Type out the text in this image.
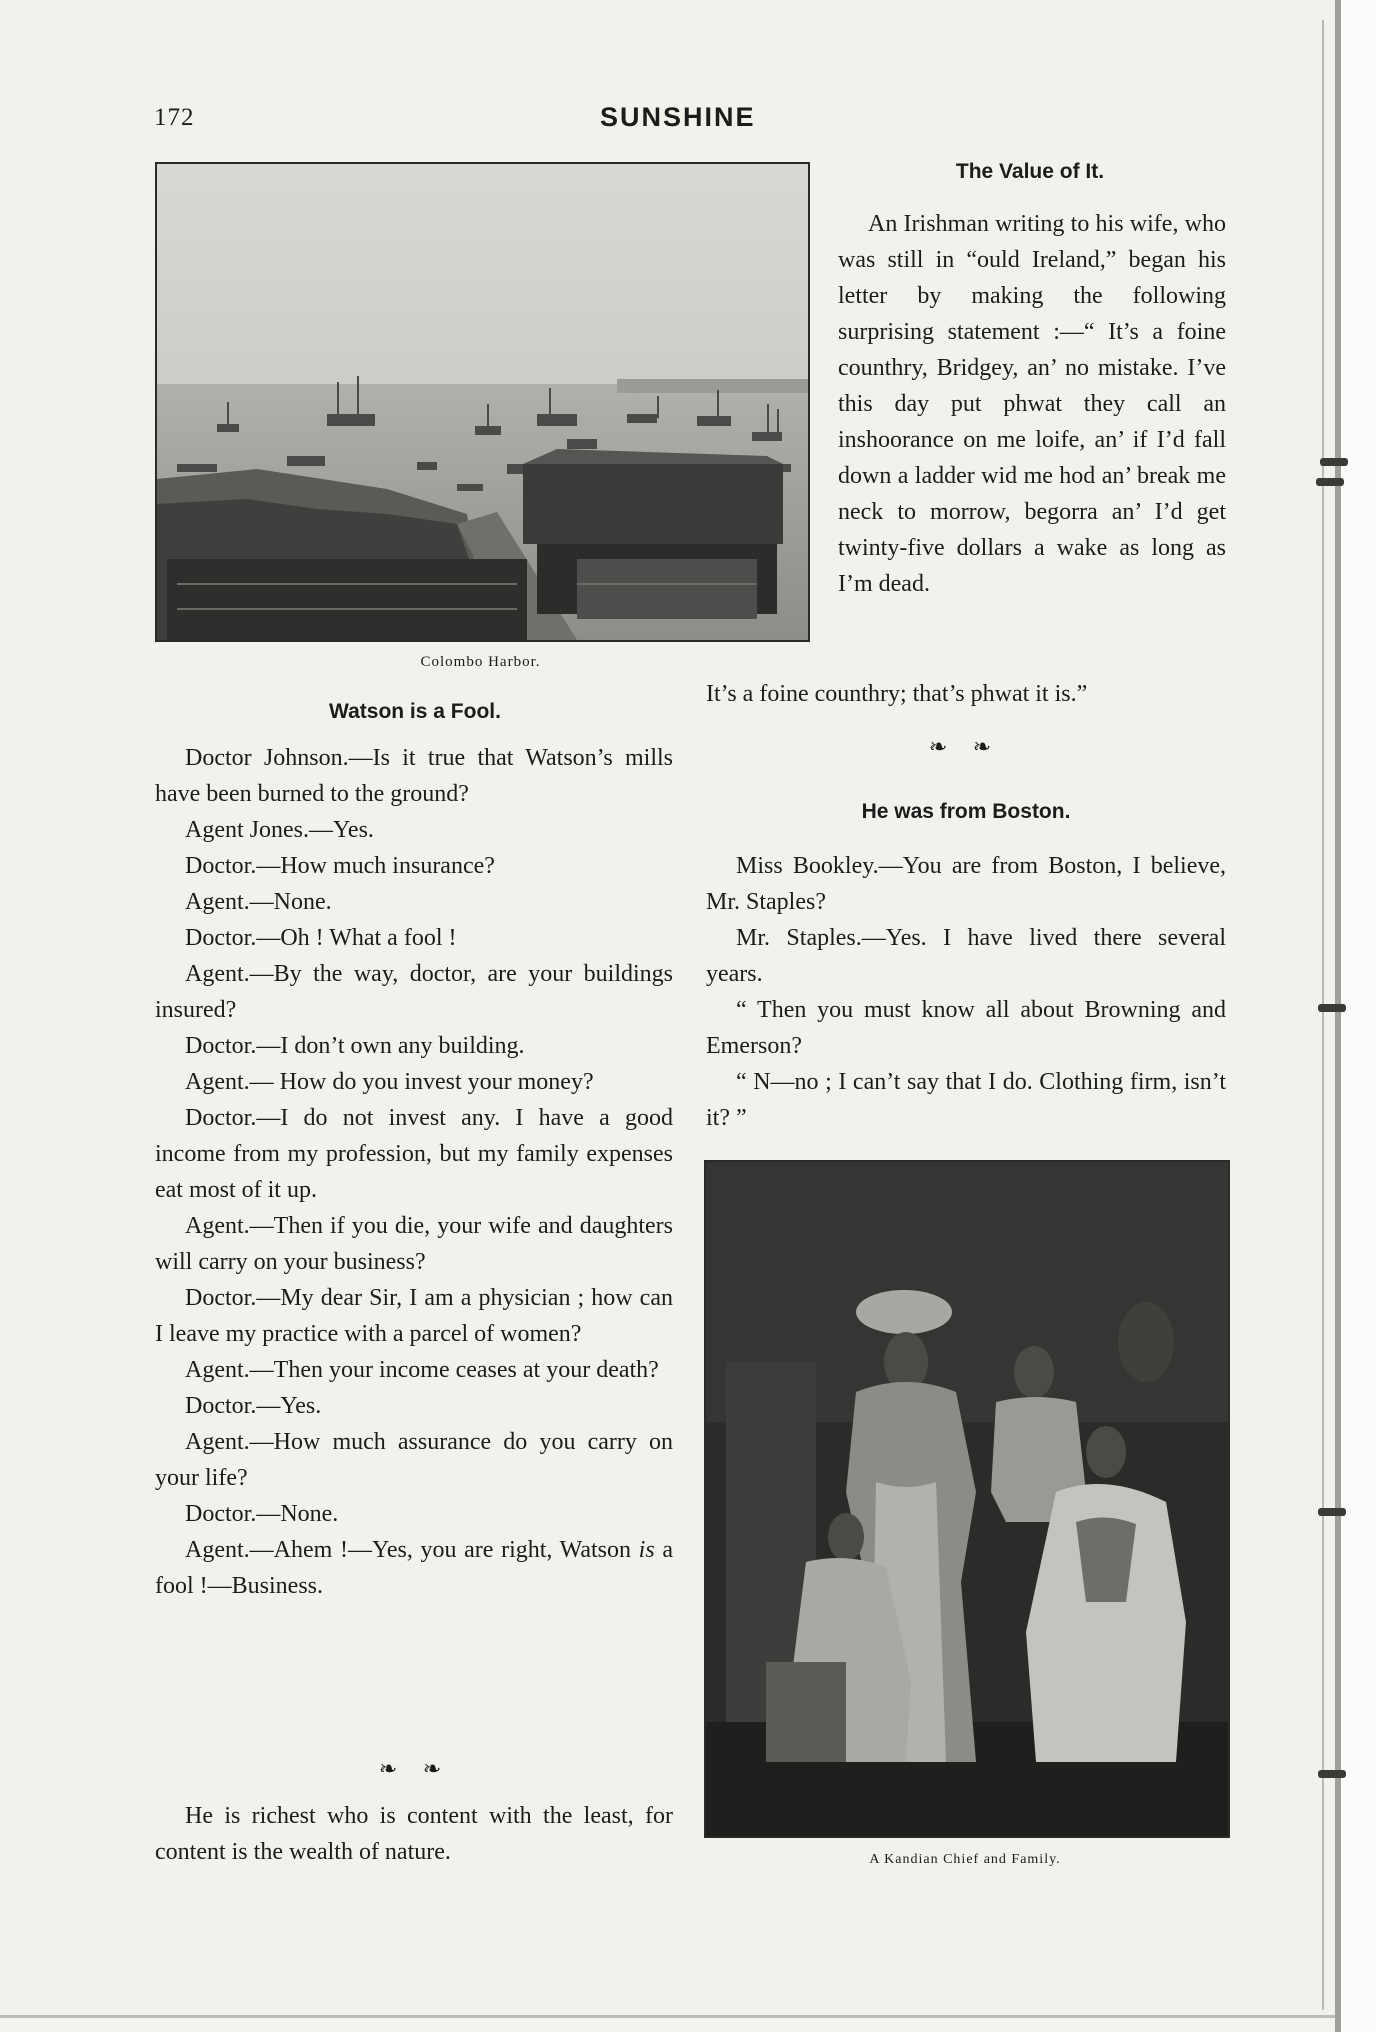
172	SUNSHINE
Colombo Harbor.
The Value of It.

An Irishman writing to his wife, who was still in “ould Ireland,” began his letter by making the following surprising statement :—“ It’s a foine counthry, Bridgey, an’ no mistake. I’ve this day put phwat they call an inshoorance on me loife, an’ if I’d fall down a ladder wid me hod an’ break me neck to morrow, begorra an’ I’d get twinty-five dollars a wake as long as I’m dead.

It’s a foine counthry; that’s phwat it is.”

❧ ❧
He was from Boston.

Miss Bookley.—You are from Boston, I believe, Mr. Staples?

Mr. Staples.—Yes. I have lived there several years.

“ Then you must know all about Browning and Emerson?

“ N—no ; I can’t say that I do. Clothing firm, isn’t it? ”

Watson is a Fool.

Doctor Johnson.—Is it true that Watson’s mills have been burned to the ground?

Agent Jones.—Yes.

Doctor.—How much insurance?

Agent.—None.

Doctor.—Oh ! What a fool !

Agent.—By the way, doctor, are your buildings insured?

Doctor.—I don’t own any building.

Agent.— How do you invest your money?

Doctor.—I do not invest any. I have a good income from my profession, but my family expenses eat most of it up.

Agent.—Then if you die, your wife and daughters will carry on your business?

Doctor.—My dear Sir, I am a physician ; how can I leave my practice with a parcel of women?

Agent.—Then your income ceases at your death?

Doctor.—Yes.

Agent.—How much assurance do you carry on your life?

Doctor.—None.

Agent.—Ahem !—Yes, you are right, Watson is a fool !—Business.

❧ ❧

He is richest who is content with the least, for content is the wealth of nature.	A Kandian Chief and Family.
